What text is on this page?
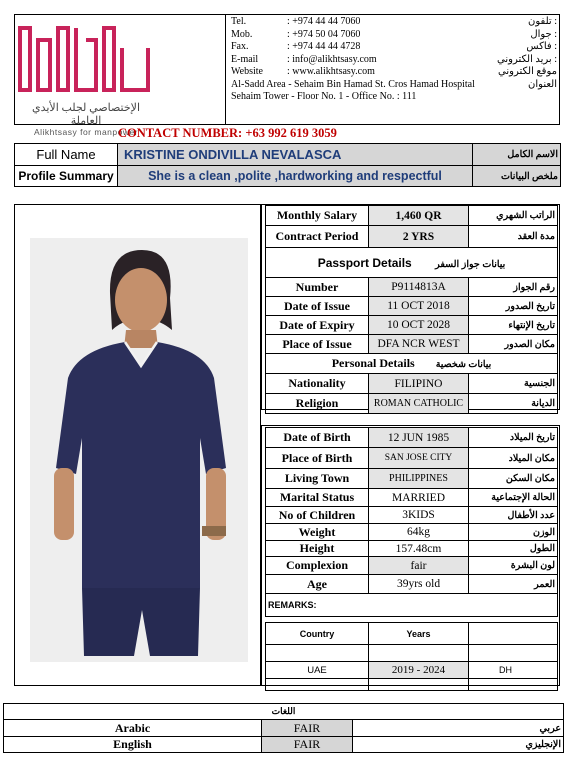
الإختصاصي لجلب الأيدي العاملة
Alikhtsasy for manpower
Tel.	: +974 44 44 7060	تلفون :
Mob.	: +974 50 04 7060	جوال :
Fax.	: +974 44 44 4728	فاكس :
E-mail	: info@alikhtsasy.com	بريد الكتروني :
Website	: www.alikhtsasy.com	موقع الكتروني
Al-Sadd Area - Sehaim Bin Hamad St. Cros Hamad Hospital		العنوان
Sehaim Tower - Floor No. 1 - Office No. : 111		
CONTACT NUMBER: +63 992 619 3059
Full Name	KRISTINE ONDIVILLA NEVALASCA	الاسم الكامل
Profile Summary	She is a clean ,polite ,hardworking and respectful	ملخص البيانات
Monthly Salary	1,460 QR	الراتب الشهري
Contract Period	2 YRS	مدة العقد
Passport Details بيانات جواز السفر		
Number	P9114813A	رقم الجواز
Date of Issue	11 OCT 2018	تاريخ الصدور
Date of Expiry	10 OCT 2028	تاريخ الإنتهاء
Place of Issue	DFA NCR WEST	مكان الصدور
Personal Details بيانات شخصية		
Nationality	FILIPINO	الجنسية
Religion	ROMAN CATHOLIC	الديانة
Date of Birth	12 JUN 1985	تاريخ الميلاد
Place of Birth	SAN JOSE CITY	مكان الميلاد
Living Town	PHILIPPINES	مكان السكن
Marital Status	MARRIED	الحالة الإجتماعية
No of Children	3KIDS	عدد الأطفال
Weight	64kg	الوزن
Height	157.48cm	الطول
Complexion	fair	لون البشرة
Age	39yrs old	العمر
REMARKS:		

Country	Years	

UAE	2019 - 2024	DH

اللغات		
Arabic	FAIR	عربي
English	FAIR	الإنجليزي
